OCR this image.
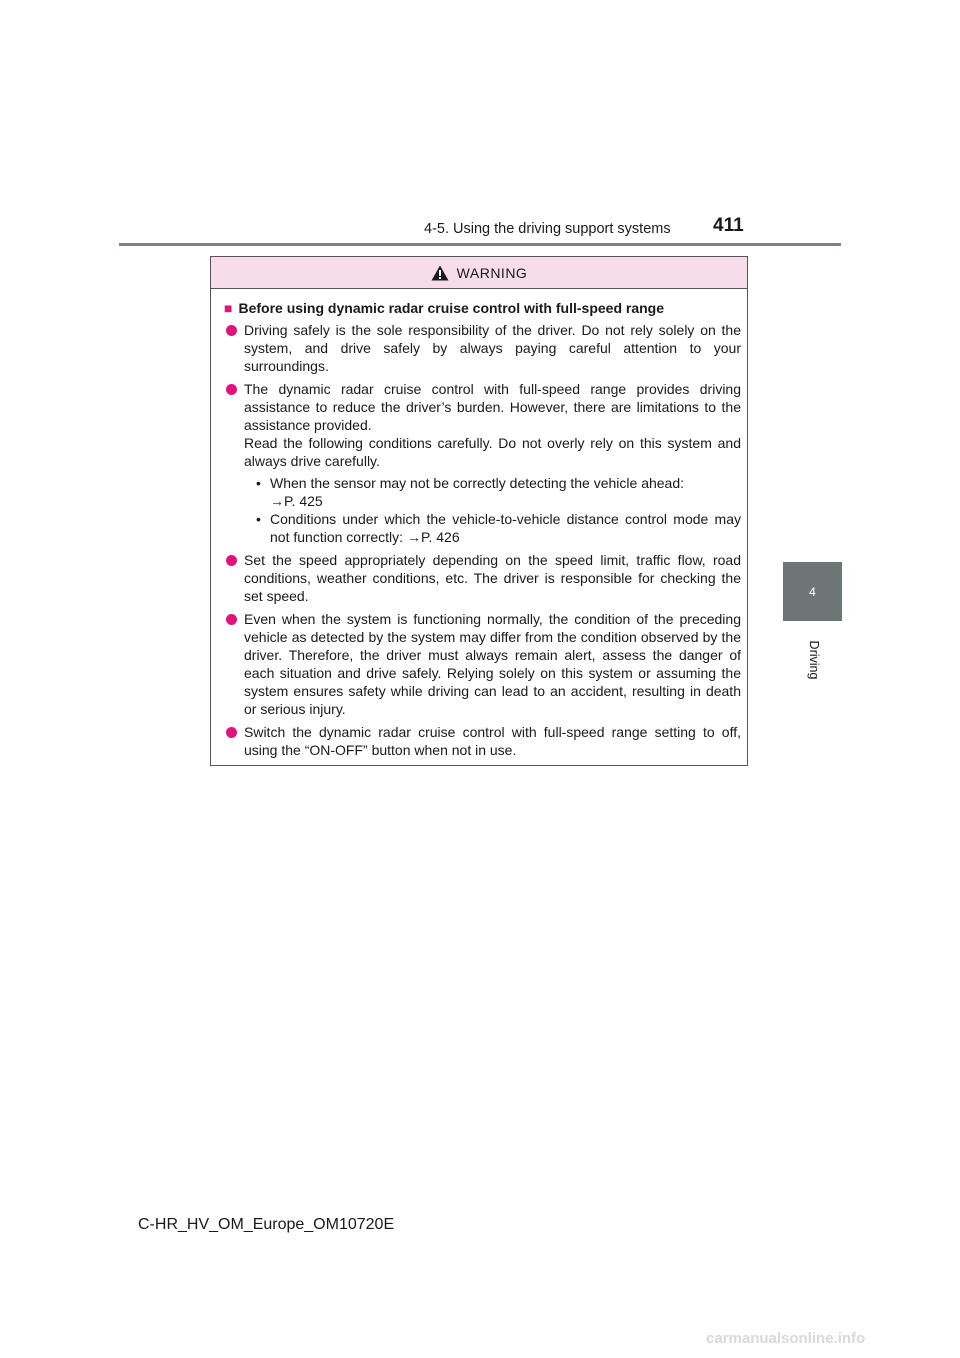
4-5. Using the driving support systems 411
4
Driving
WARNING
■ Before using dynamic radar cruise control with full-speed range

Driving safely is the sole responsibility of the driver. Do not rely solely on the system, and drive safely by always paying careful attention to your surroundings.

The dynamic radar cruise control with full-speed range provides driving assistance to reduce the driver’s burden. However, there are limitations to the assistance provided.

Read the following conditions carefully. Do not overly rely on this system and always drive carefully.

• When the sensor may not be correctly detecting the vehicle ahead:
→P. 425
• Conditions under which the vehicle-to-vehicle distance control mode may not function correctly: →P. 426

Set the speed appropriately depending on the speed limit, traffic flow, road conditions, weather conditions, etc. The driver is responsible for checking the set speed.

Even when the system is functioning normally, the condition of the preceding vehicle as detected by the system may differ from the condition observed by the driver. Therefore, the driver must always remain alert, assess the danger of each situation and drive safely. Relying solely on this system or assuming the system ensures safety while driving can lead to an accident, resulting in death or serious injury.

Switch the dynamic radar cruise control with full-speed range setting to off, using the “ON-OFF” button when not in use.

C-HR_HV_OM_Europe_OM10720E
carmanualsonline.info
